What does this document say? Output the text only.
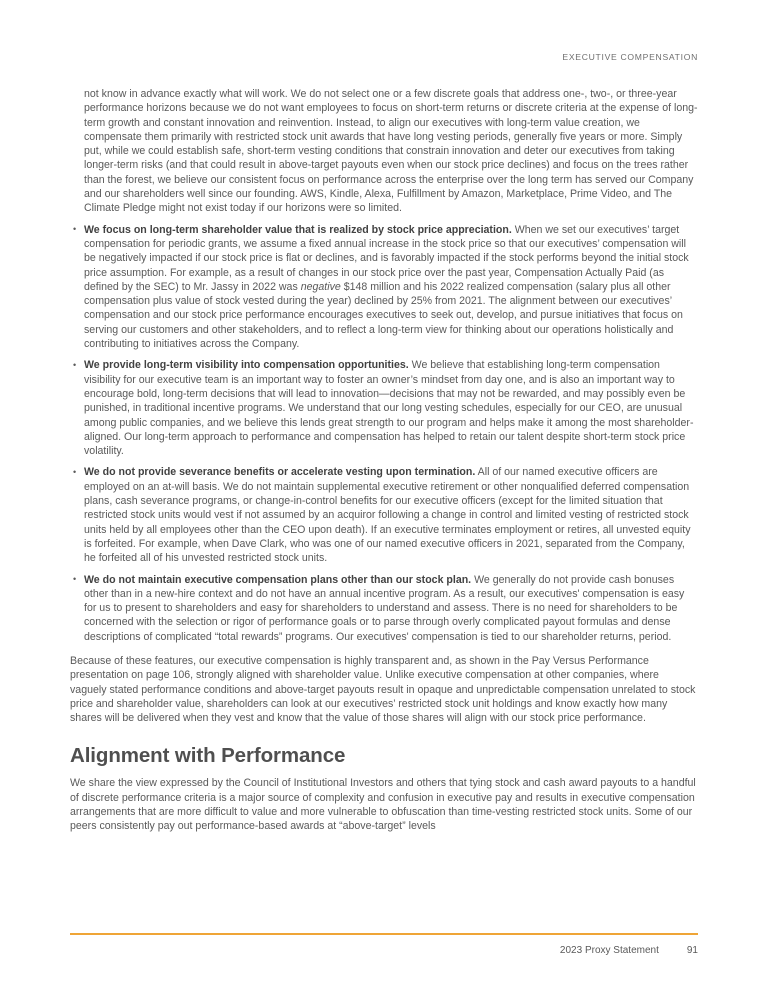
EXECUTIVE COMPENSATION

not know in advance exactly what will work. We do not select one or a few discrete goals that address one-, two-, or three-year performance horizons because we do not want employees to focus on short-term returns or discrete criteria at the expense of long-term growth and constant innovation and reinvention. Instead, to align our executives with long-term value creation, we compensate them primarily with restricted stock unit awards that have long vesting periods, generally five years or more. Simply put, while we could establish safe, short-term vesting conditions that constrain innovation and deter our executives from taking longer-term risks (and that could result in above-target payouts even when our stock price declines) and focus on the trees rather than the forest, we believe our consistent focus on performance across the enterprise over the long term has served our Company and our shareholders well since our founding. AWS, Kindle, Alexa, Fulfillment by Amazon, Marketplace, Prime Video, and The Climate Pledge might not exist today if our horizons were so limited.

• We focus on long-term shareholder value that is realized by stock price appreciation. When we set our executives’ target compensation for periodic grants, we assume a fixed annual increase in the stock price so that our executives’ compensation will be negatively impacted if our stock price is flat or declines, and is favorably impacted if the stock performs beyond the initial stock price assumption. For example, as a result of changes in our stock price over the past year, Compensation Actually Paid (as defined by the SEC) to Mr. Jassy in 2022 was negative $148 million and his 2022 realized compensation (salary plus all other compensation plus value of stock vested during the year) declined by 25% from 2021. The alignment between our executives’ compensation and our stock price performance encourages executives to seek out, develop, and pursue initiatives that focus on serving our customers and other stakeholders, and to reflect a long-term view for thinking about our operations holistically and contributing to initiatives across the Company.
• We provide long-term visibility into compensation opportunities. We believe that establishing long-term compensation visibility for our executive team is an important way to foster an owner’s mindset from day one, and is also an important way to encourage bold, long-term decisions that will lead to innovation—decisions that may not be rewarded, and may possibly even be punished, in traditional incentive programs. We understand that our long vesting schedules, especially for our CEO, are unusual among public companies, and we believe this lends great strength to our program and helps make it among the most shareholder-aligned. Our long-term approach to performance and compensation has helped to retain our talent despite short-term stock price volatility.
• We do not provide severance benefits or accelerate vesting upon termination. All of our named executive officers are employed on an at-will basis. We do not maintain supplemental executive retirement or other nonqualified deferred compensation plans, cash severance programs, or change-in-control benefits for our executive officers (except for the limited situation that restricted stock units would vest if not assumed by an acquiror following a change in control and limited vesting of restricted stock units held by all employees other than the CEO upon death). If an executive terminates employment or retires, all unvested equity is forfeited. For example, when Dave Clark, who was one of our named executive officers in 2021, separated from the Company, he forfeited all of his unvested restricted stock units.
• We do not maintain executive compensation plans other than our stock plan. We generally do not provide cash bonuses other than in a new-hire context and do not have an annual incentive program. As a result, our executives' compensation is easy for us to present to shareholders and easy for shareholders to understand and assess. There is no need for shareholders to be concerned with the selection or rigor of performance goals or to parse through overly complicated payout formulas and dense descriptions of complicated “total rewards” programs. Our executives' compensation is tied to our shareholder returns, period.

Because of these features, our executive compensation is highly transparent and, as shown in the Pay Versus Performance presentation on page 106, strongly aligned with shareholder value. Unlike executive compensation at other companies, where vaguely stated performance conditions and above-target payouts result in opaque and unpredictable compensation unrelated to stock price and shareholder value, shareholders can look at our executives’ restricted stock unit holdings and know exactly how many shares will be delivered when they vest and know that the value of those shares will align with our stock price performance.

Alignment with Performance

We share the view expressed by the Council of Institutional Investors and others that tying stock and cash award payouts to a handful of discrete performance criteria is a major source of complexity and confusion in executive pay and results in executive compensation arrangements that are more difficult to value and more vulnerable to obfuscation than time-vesting restricted stock units. Some of our peers consistently pay out performance-based awards at “above-target” levels

2023 Proxy Statement	91
